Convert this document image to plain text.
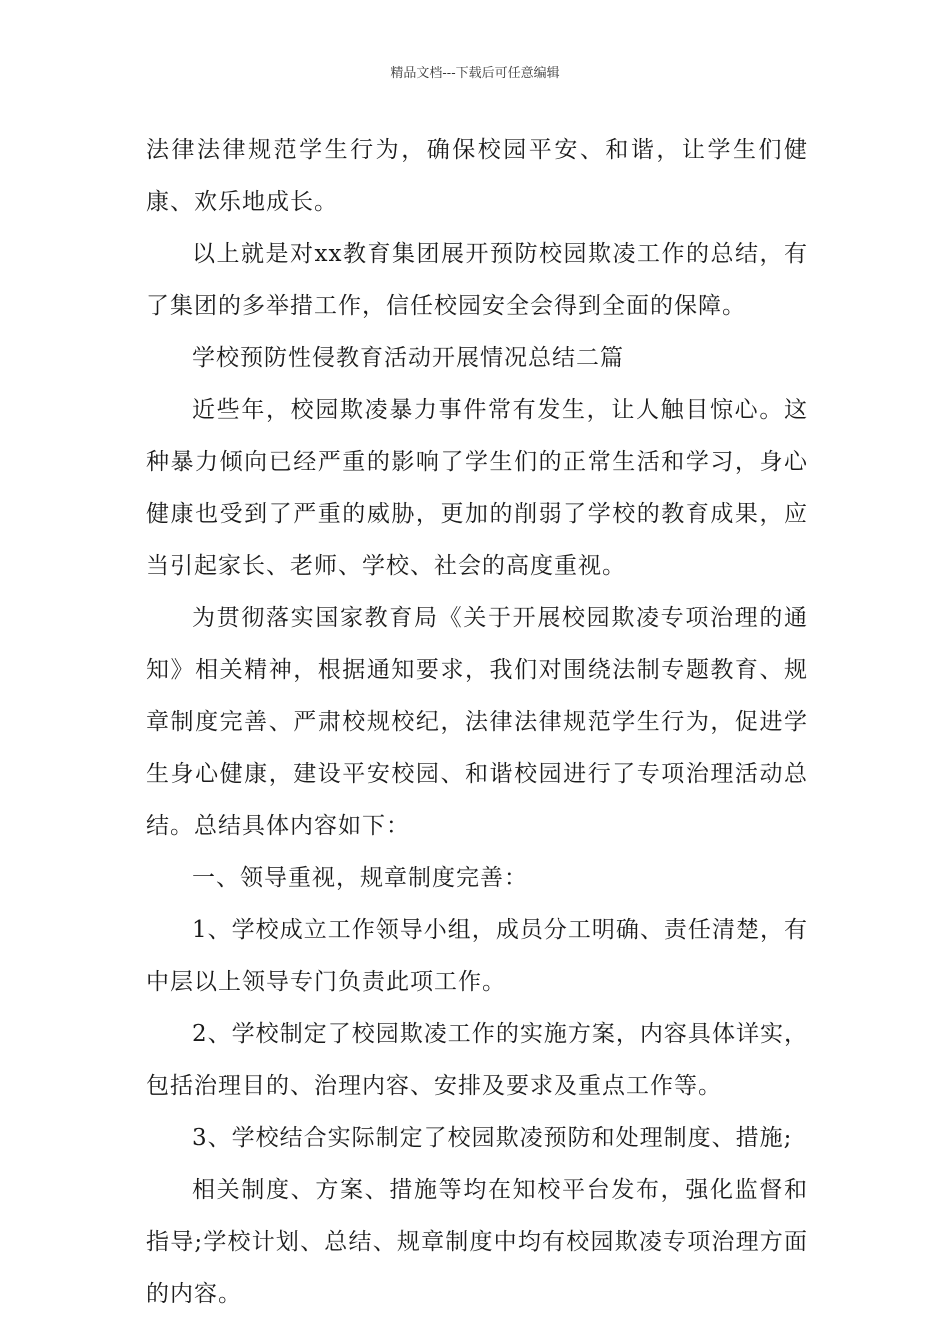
精品文档---下载后可任意编辑

法律法律规范学生行为，确保校园平安、和谐，让学生们健康、欢乐地成长。

以上就是对xx教育集团展开预防校园欺凌工作的总结，有了集团的多举措工作，信任校园安全会得到全面的保障。

学校预防性侵教育活动开展情况总结二篇

近些年，校园欺凌暴力事件常有发生，让人触目惊心。这种暴力倾向已经严重的影响了学生们的正常生活和学习，身心健康也受到了严重的威胁，更加的削弱了学校的教育成果，应当引起家长、老师、学校、社会的高度重视。

为贯彻落实国家教育局《关于开展校园欺凌专项治理的通知》相关精神，根据通知要求，我们对围绕法制专题教育、规章制度完善、严肃校规校纪，法律法律规范学生行为，促进学生身心健康，建设平安校园、和谐校园进行了专项治理活动总结。总结具体内容如下：

一、领导重视，规章制度完善：

1、学校成立工作领导小组，成员分工明确、责任清楚，有中层以上领导专门负责此项工作。

2、学校制定了校园欺凌工作的实施方案，内容具体详实，包括治理目的、治理内容、安排及要求及重点工作等。

3、学校结合实际制定了校园欺凌预防和处理制度、措施;

相关制度、方案、措施等均在知校平台发布，强化监督和指导;学校计划、总结、规章制度中均有校园欺凌专项治理方面的内容。
